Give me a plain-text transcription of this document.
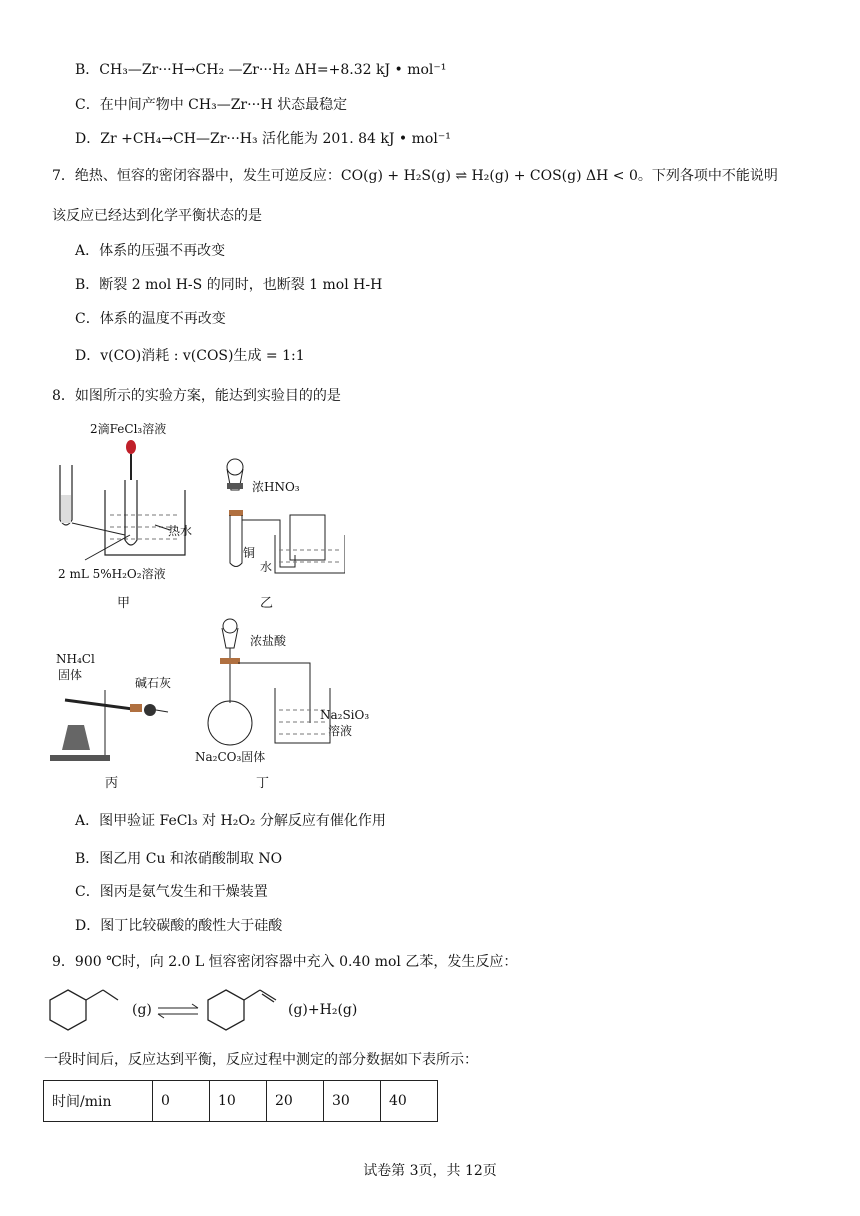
B．CH₃—Zr···H→CH₂ —Zr···H₂ ΔH=+8.32 kJ • mol⁻¹
C．在中间产物中 CH₃—Zr···H 状态最稳定
D．Zr +CH₄→CH—Zr···H₃ 活化能为 201. 84 kJ • mol⁻¹
7．绝热、恒容的密闭容器中，发生可逆反应：CO(g) + H₂S(g) ⇌ H₂(g) + COS(g) ΔH < 0。下列各项中不能说明
该反应已经达到化学平衡状态的是
A．体系的压强不再改变
B．断裂 2 mol H-S 的同时，也断裂 1 mol H-H
C．体系的温度不再改变
D．v(CO)消耗 : v(COS)生成 = 1:1
8．如图所示的实验方案，能达到实验目的的是
2滴FeCl₃溶液
热水
2 mL 5%H₂O₂溶液
甲
浓HNO₃
铜
水
乙
NH₄Cl
固体
碱石灰
丙
浓盐酸
Na₂SiO₃
溶液
Na₂CO₃固体
丁
A．图甲验证 FeCl₃ 对 H₂O₂ 分解反应有催化作用
B．图乙用 Cu 和浓硝酸制取 NO
C．图丙是氨气发生和干燥装置
D．图丁比较碳酸的酸性大于硅酸
9．900 ℃时，向 2.0 L 恒容密闭容器中充入 0.40 mol 乙苯，发生反应：
(g)	(g)+H₂(g)
一段时间后，反应达到平衡，反应过程中测定的部分数据如下表所示：
时间/min	0	10	20	30	40
试卷第 3页，共 12页
